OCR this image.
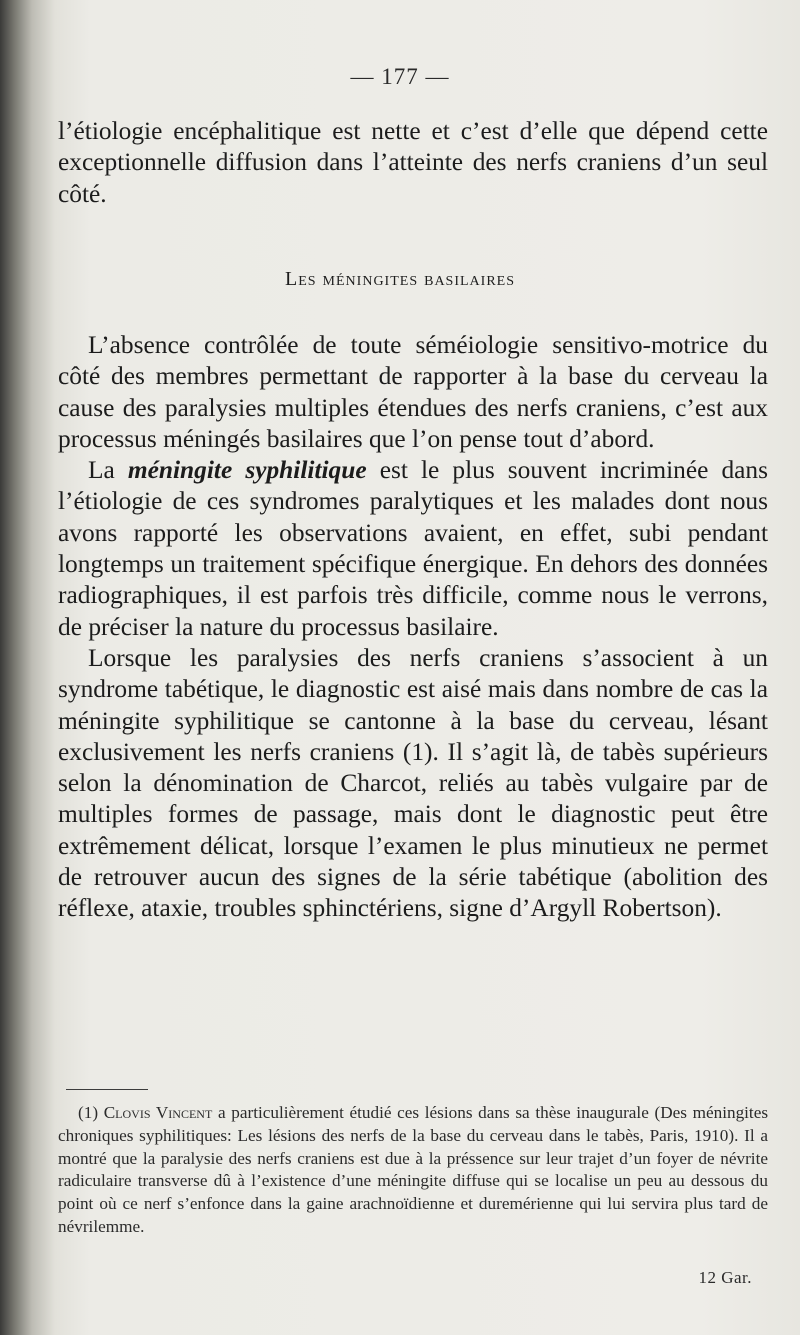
— 177 —

l’étiologie encéphalitique est nette et c’est d’elle que dépend cette exceptionnelle diffusion dans l’atteinte des nerfs craniens d’un seul côté.

Les méningites basilaires

L’absence contrôlée de toute séméiologie sensitivo-motrice du côté des membres permettant de rapporter à la base du cerveau la cause des paralysies multiples étendues des nerfs craniens, c’est aux processus méningés basilaires que l’on pense tout d’abord.

La méningite syphilitique est le plus souvent incriminée dans l’étiologie de ces syndromes paralytiques et les malades dont nous avons rapporté les observations avaient, en effet, subi pendant longtemps un traitement spécifique énergique. En dehors des données radiographiques, il est parfois très difficile, comme nous le verrons, de préciser la nature du processus basilaire.

Lorsque les paralysies des nerfs craniens s’associent à un syndrome tabétique, le diagnostic est aisé mais dans nombre de cas la méningite syphilitique se cantonne à la base du cerveau, lésant exclusivement les nerfs craniens (1). Il s’agit là, de tabès supérieurs selon la dénomination de Charcot, reliés au tabès vulgaire par de multiples formes de passage, mais dont le diagnostic peut être extrêmement délicat, lorsque l’examen le plus minutieux ne permet de retrouver aucun des signes de la série tabétique (abolition des réflexe, ataxie, troubles sphinctériens, signe d’Argyll Robertson).

(1) Clovis Vincent a particulièrement étudié ces lésions dans sa thèse inaugurale (Des méningites chroniques syphilitiques: Les lésions des nerfs de la base du cerveau dans le tabès, Paris, 1910). Il a montré que la paralysie des nerfs craniens est due à la préssence sur leur trajet d’un foyer de névrite radiculaire transverse dû à l’existence d’une méningite diffuse qui se localise un peu au dessous du point où ce nerf s’enfonce dans la gaine arachnoïdienne et duremérienne qui lui servira plus tard de névrilemme.

12 Gar.
